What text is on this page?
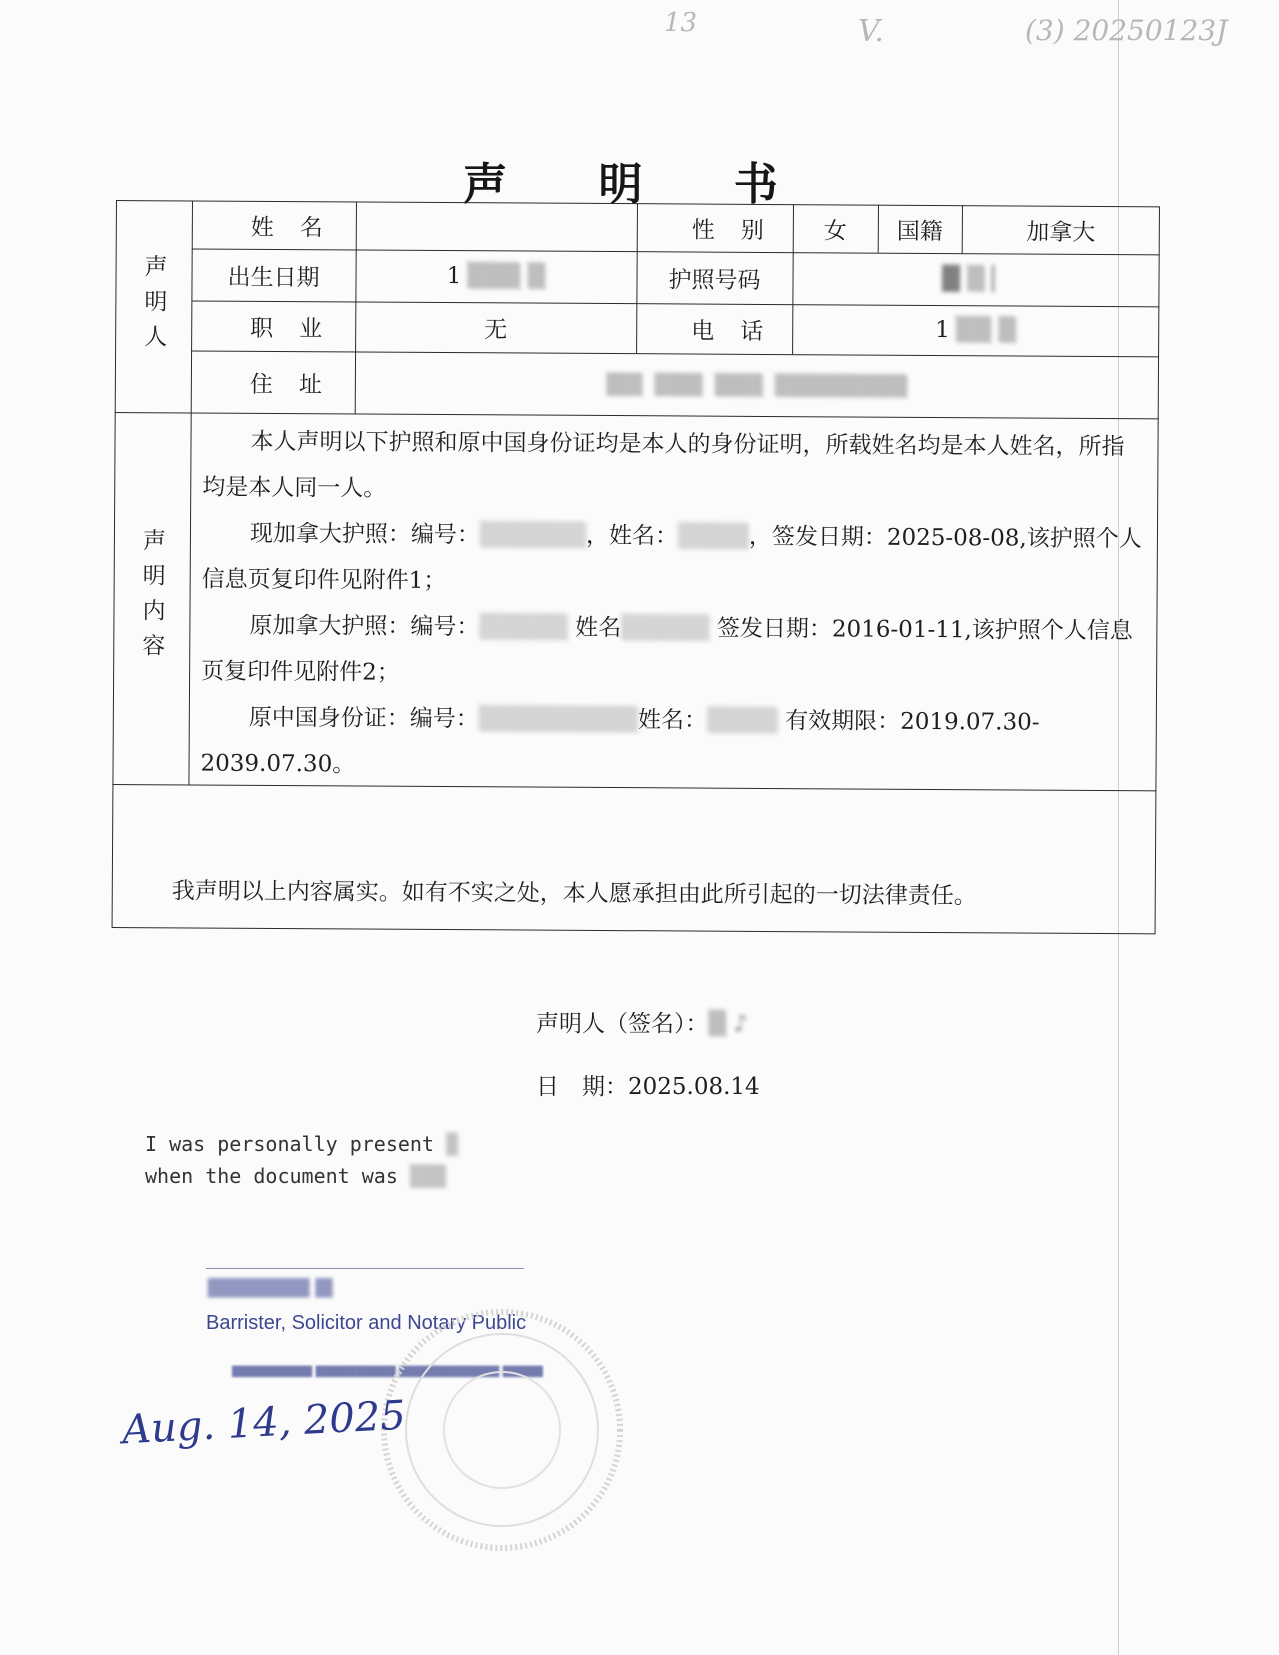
13	V.	(3) 20250123J
声 明 书
声明人
声明内容
姓名	性别	女	国籍	加拿大
出生日期	1 ▒▒▒ ▒	护照号码	█ ▒ ▏
职业	无	电话	1 ▒▒ ▒
住址	▒▒▒ ▒▒▒▒ ▒▒▒▒ ▒▒▒▒▒▒▒▒▒▒▒

本人声明以下护照和原中国身份证均是本人的身份证明，所载姓名均是本人姓名，所指均是本人同一人。

现加拿大护照：编号：▒▒▒▒▒▒，姓名：▒▒▒▒，签发日期：2025-08-08,该护照个人信息页复印件见附件1；

原加拿大护照：编号：▒▒▒▒▒ 姓名▒▒▒▒▒ 签发日期：2016-01-11,该护照个人信息页复印件见附件2；

原中国身份证：编号：▒▒▒▒▒▒▒▒▒姓名：▒▒▒▒ 有效期限：2019.07.30-2039.07.30。

我声明以上内容属实。如有不实之处，本人愿承担由此所引起的一切法律责任。
声明人（签名）：▒ ♪
日　期：2025.08.14
I was personally present ▒
when the document was ▒▒▒
▆▆▆▆▆▆ ▆
Barrister, Solicitor and Notary Public
▆▆▆▆▆▆▆▆ ▆▆▆▆▆▆▆▆ ▆▆▆▆▆▆▆▆▆▆ ▆▆▆▆
Aug. 14, 2025
